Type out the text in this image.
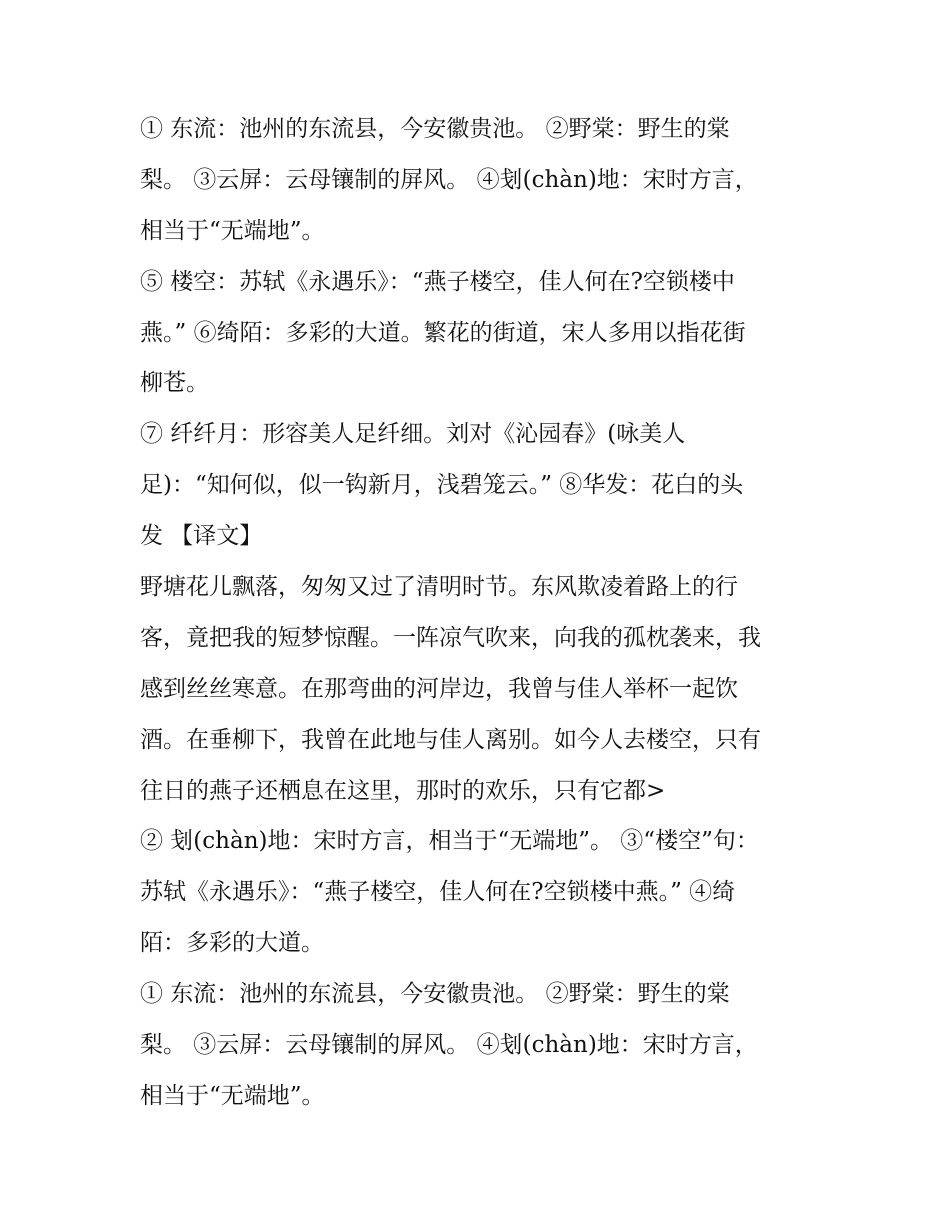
① 东流：池州的东流县，今安徽贵池。 ②野棠：野生的棠
梨。 ③云屏：云母镶制的屏风。 ④刬(chàn)地：宋时方言，
相当于“无端地”。
⑤ 楼空：苏轼《永遇乐》：“燕子楼空，佳人何在?空锁楼中
燕。” ⑥绮陌：多彩的大道。繁花的街道，宋人多用以指花街
柳苍。
⑦ 纤纤月：形容美人足纤细。刘对《沁园春》(咏美人
足)：“知何似，似一钩新月，浅碧笼云。” ⑧华发：花白的头
发 【译文】
野塘花儿飘落，匆匆又过了清明时节。东风欺凌着路上的行
客，竟把我的短梦惊醒。一阵凉气吹来，向我的孤枕袭来，我
感到丝丝寒意。在那弯曲的河岸边，我曾与佳人举杯一起饮
酒。在垂柳下，我曾在此地与佳人离别。如今人去楼空，只有
往日的燕子还栖息在这里，那时的欢乐，只有它都>
② 刬(chàn)地：宋时方言，相当于“无端地”。 ③“楼空”句：
苏轼《永遇乐》：“燕子楼空，佳人何在?空锁楼中燕。” ④绮
陌：多彩的大道。
① 东流：池州的东流县，今安徽贵池。 ②野棠：野生的棠
梨。 ③云屏：云母镶制的屏风。 ④刬(chàn)地：宋时方言，
相当于“无端地”。
